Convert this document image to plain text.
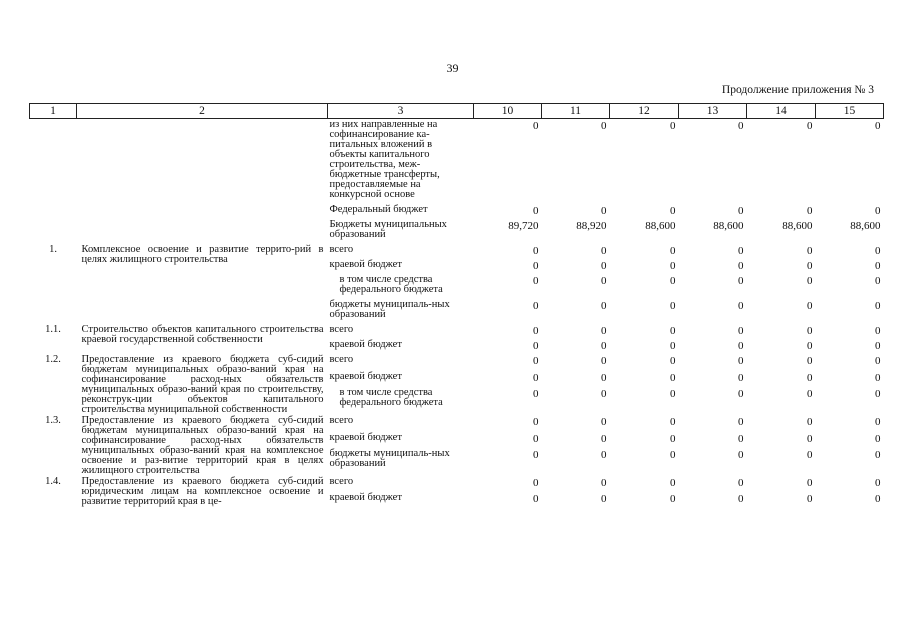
39
Продолжение приложения № 3
1	2	3	10	11	12	13	14	15
		из них направленные на софинансирование ка-питальных вложений в объекты капитального строительства, меж-бюджетные трансферты, предоставляемые на конкурсной основе	0	0	0	0	0	0
		Федеральный бюджет	0	0	0	0	0	0
		Бюджеты муниципальных образований	89,720	88,920	88,600	88,600	88,600	88,600
1.	Комплексное освоение и развитие террито-рий в целях жилищного строительства	всего	0	0	0	0	0	0
		краевой бюджет	0	0	0	0	0	0
		в том числе средства федерального бюджета	0	0	0	0	0	0
		бюджеты муниципаль-ных образований	0	0	0	0	0	0
1.1.	Строительство объектов капитального строительства краевой государственной собственности	всего	0	0	0	0	0	0
		краевой бюджет	0	0	0	0	0	0
1.2.	Предоставление из краевого бюджета суб-сидий бюджетам муниципальных образо-ваний края на софинансирование расход-ных обязательств муниципальных образо-ваний края по строительству, реконструк-ции объектов капитального строительства муниципальной собственности	всего	0	0	0	0	0	0
		краевой бюджет	0	0	0	0	0	0
		в том числе средства федерального бюджета	0	0	0	0	0	0
1.3.	Предоставление из краевого бюджета суб-сидий бюджетам муниципальных образо-ваний края на софинансирование расход-ных обязательств муниципальных образо-ваний края на комплексное освоение и раз-витие территорий края в целях жилищного строительства	всего	0	0	0	0	0	0
		краевой бюджет	0	0	0	0	0	0
		бюджеты муниципаль-ных образований	0	0	0	0	0	0
1.4.	Предоставление из краевого бюджета суб-сидий юридическим лицам на комплексное освоение и развитие территорий края в це-	всего	0	0	0	0	0	0
		краевой бюджет	0	0	0	0	0	0
